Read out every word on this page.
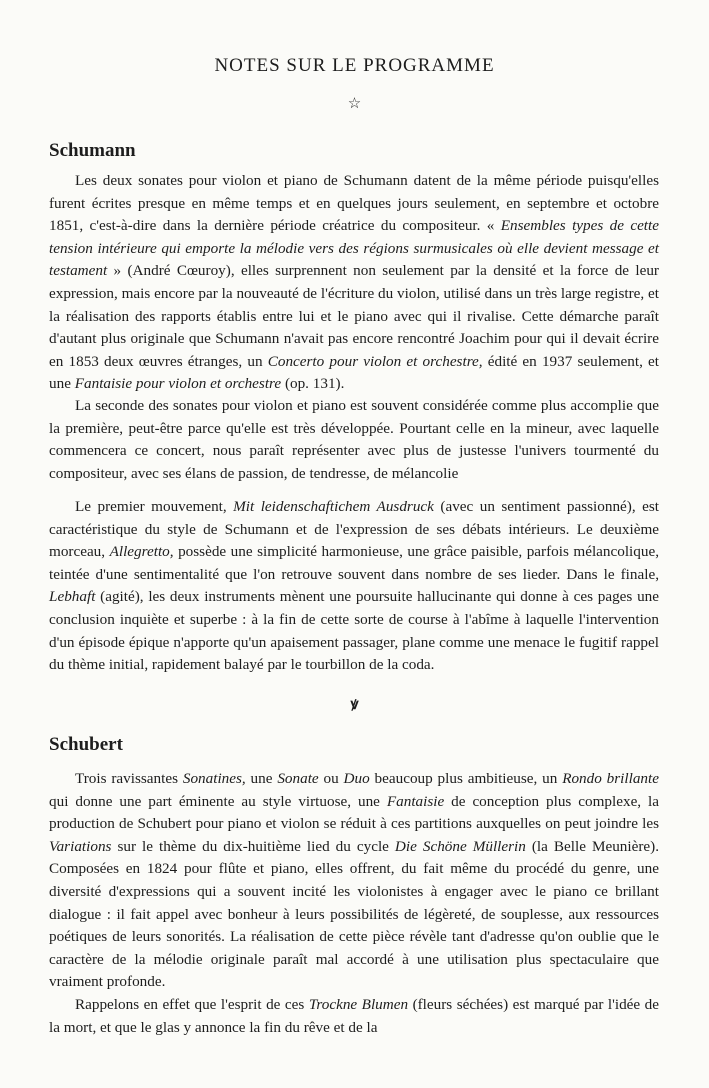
NOTES SUR LE PROGRAMME
☆
Schumann

Les deux sonates pour violon et piano de Schumann datent de la même période puisqu'elles furent écrites presque en même temps et en quelques jours seulement, en septembre et octobre 1851, c'est-à-dire dans la dernière période créatrice du compositeur. « Ensembles types de cette tension intérieure qui emporte la mélodie vers des régions surmusicales où elle devient message et testament » (André Cœuroy), elles surprennent non seulement par la densité et la force de leur expression, mais encore par la nouveauté de l'écriture du violon, utilisé dans un très large registre, et la réalisation des rapports établis entre lui et le piano avec qui il rivalise. Cette démarche paraît d'autant plus originale que Schumann n'avait pas encore rencontré Joachim pour qui il devait écrire en 1853 deux œuvres étranges, un Concerto pour violon et orchestre, édité en 1937 seulement, et une Fantaisie pour violon et orchestre (op. 131).

La seconde des sonates pour violon et piano est souvent considérée comme plus accomplie que la première, peut-être parce qu'elle est très développée. Pourtant celle en la mineur, avec laquelle commencera ce concert, nous paraît représenter avec plus de justesse l'univers tourmenté du compositeur, avec ses élans de passion, de tendresse, de mélancolie

Le premier mouvement, Mit leidenschaftichem Ausdruck (avec un sentiment passionné), est caractéristique du style de Schumann et de l'expression de ses débats intérieurs. Le deuxième morceau, Allegretto, possède une simplicité harmonieuse, une grâce paisible, parfois mélancolique, teintée d'une sentimentalité que l'on retrouve souvent dans nombre de ses lieder. Dans le finale, Lebhaft (agité), les deux instruments mènent une poursuite hallucinante qui donne à ces pages une conclusion inquiète et superbe : à la fin de cette sorte de course à l'abîme à laquelle l'intervention d'un épisode épique n'apporte qu'un apaisement passager, plane comme une menace le fugitif rappel du thème initial, rapidement balayé par le tourbillon de la coda.

ꝟ
Schubert

Trois ravissantes Sonatines, une Sonate ou Duo beaucoup plus ambitieuse, un Rondo brillante qui donne une part éminente au style virtuose, une Fantaisie de conception plus complexe, la production de Schubert pour piano et violon se réduit à ces partitions auxquelles on peut joindre les Variations sur le thème du dix-huitième lied du cycle Die Schöne Müllerin (la Belle Meunière). Composées en 1824 pour flûte et piano, elles offrent, du fait même du procédé du genre, une diversité d'expressions qui a souvent incité les violonistes à engager avec le piano ce brillant dialogue : il fait appel avec bonheur à leurs possibilités de légèreté, de souplesse, aux ressources poétiques de leurs sonorités. La réalisation de cette pièce révèle tant d'adresse qu'on oublie que le caractère de la mélodie originale paraît mal accordé à une utilisation plus spectaculaire que vraiment profonde.

Rappelons en effet que l'esprit de ces Trockne Blumen (fleurs séchées) est marqué par l'idée de la mort, et que le glas y annonce la fin du rêve et de la
